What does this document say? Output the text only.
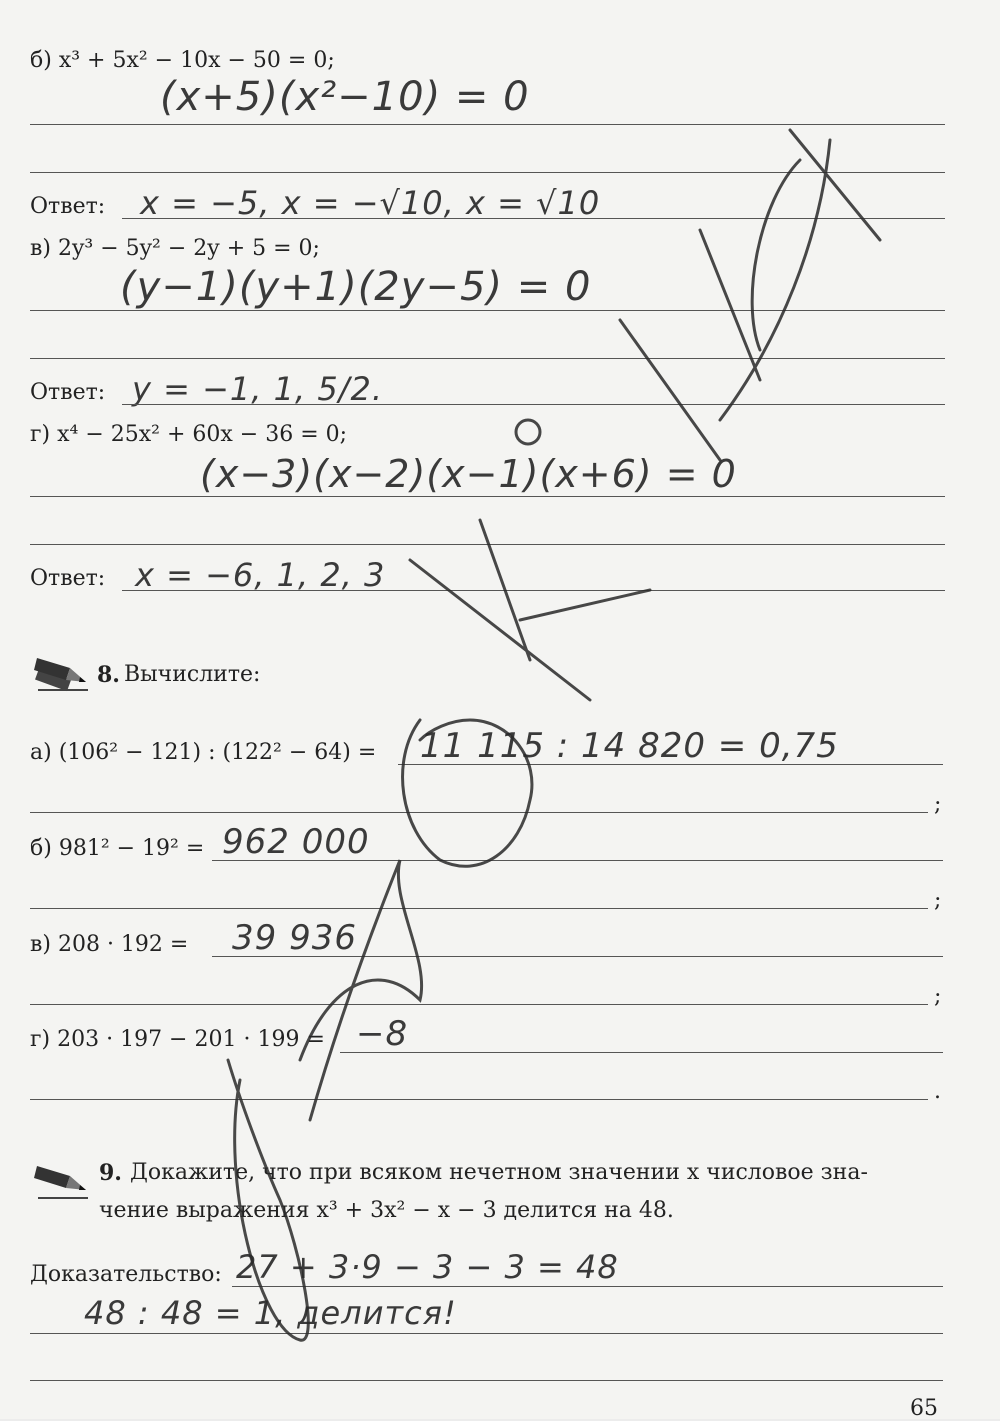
б) x³ + 5x² − 10x − 50 = 0;
(x+5)(x²−10) = 0
Ответ: x = −5, x = −√10, x = √10
в) 2y³ − 5y² − 2y + 5 = 0;
(y−1)(y+1)(2y−5) = 0
Ответ: y = −1, 1, 5/2.
г) x⁴ − 25x² + 60x − 36 = 0;
(x−3)(x−2)(x−1)(x+6) = 0
Ответ: x = −6, 1, 2, 3
8. Вычислите:
а) (106² − 121) : (122² − 64) = 11 115 : 14 820 = 0,75
;
б) 981² − 19² = 962 000
;
в) 208 · 192 = 39 936
;
г) 203 · 197 − 201 · 199 = −8
.
9. Докажите, что при всяком нечетном значении x числовое зна-
чение выражения x³ + 3x² − x − 3 делится на 48.
Доказательство: 27 + 3·9 − 3 − 3 = 48
48 : 48 = 1, делится!
65
